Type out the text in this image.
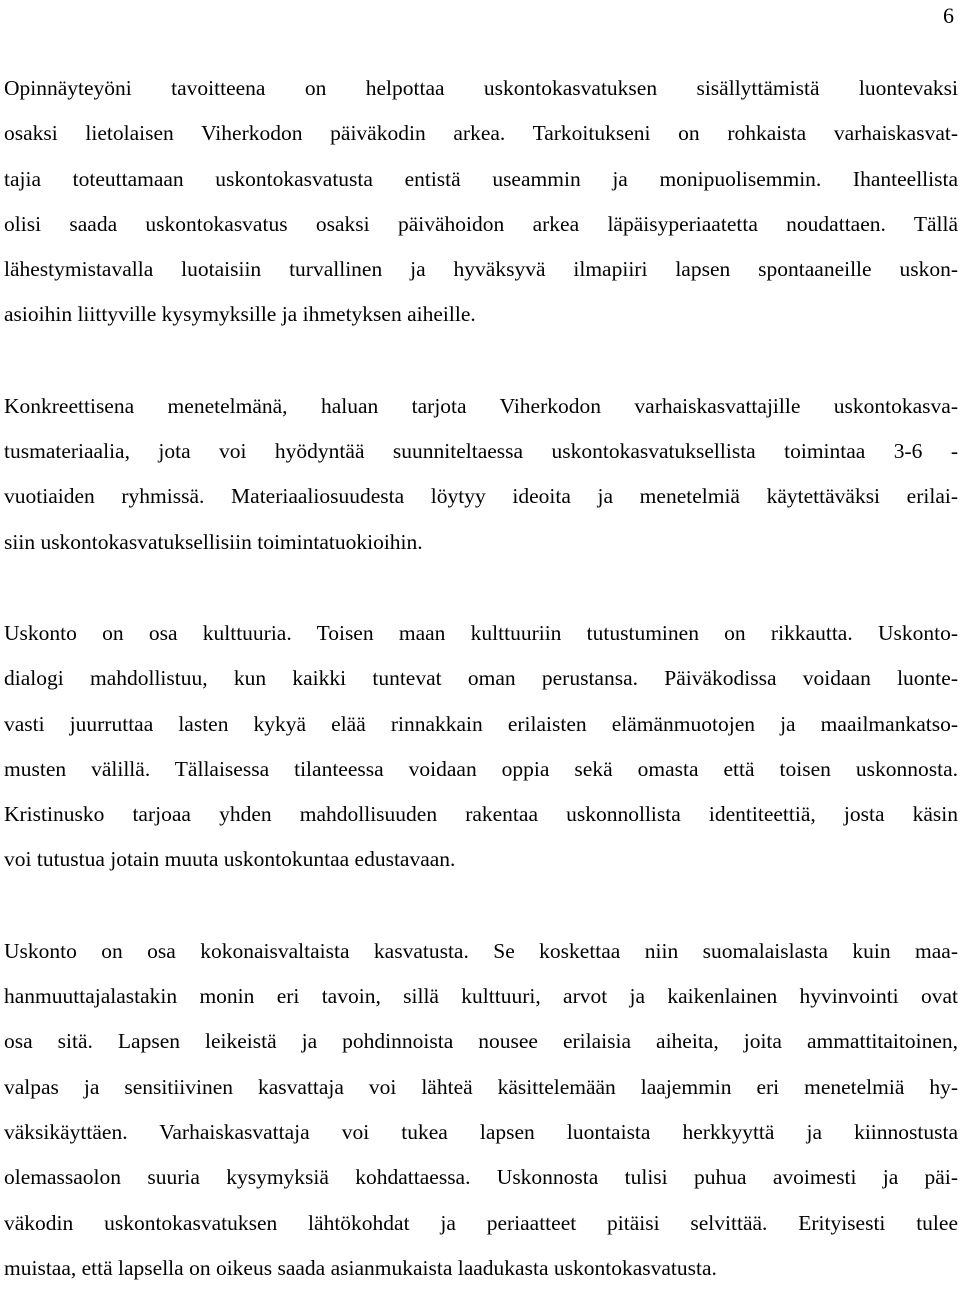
6

Opinnäyteyöni tavoitteena on helpottaa uskontokasvatuksen sisällyttämistä luontevaksi
osaksi lietolaisen Viherkodon päiväkodin arkea. Tarkoitukseni on rohkaista varhaiskasvat-
tajia toteuttamaan uskontokasvatusta entistä useammin ja monipuolisemmin. Ihanteellista
olisi saada uskontokasvatus osaksi päivähoidon arkea läpäisyperiaatetta noudattaen. Tällä
lähestymistavalla luotaisiin turvallinen ja hyväksyvä ilmapiiri lapsen spontaaneille uskon-
asioihin liittyville kysymyksille ja ihmetyksen aiheille.

Konkreettisena menetelmänä, haluan tarjota Viherkodon varhaiskasvattajille uskontokasva-
tusmateriaalia, jota voi hyödyntää suunniteltaessa uskontokasvatuksellista toimintaa 3-6 -
vuotiaiden ryhmissä. Materiaaliosuudesta löytyy ideoita ja menetelmiä käytettäväksi erilai-
siin uskontokasvatuksellisiin toimintatuokioihin.

Uskonto on osa kulttuuria. Toisen maan kulttuuriin tutustuminen on rikkautta. Uskonto-
dialogi mahdollistuu, kun kaikki tuntevat oman perustansa. Päiväkodissa voidaan luonte-
vasti juurruttaa lasten kykyä elää rinnakkain erilaisten elämänmuotojen ja maailmankatso-
musten välillä. Tällaisessa tilanteessa voidaan oppia sekä omasta että toisen uskonnosta.
Kristinusko tarjoaa yhden mahdollisuuden rakentaa uskonnollista identiteettiä, josta käsin
voi tutustua jotain muuta uskontokuntaa edustavaan.

Uskonto on osa kokonaisvaltaista kasvatusta. Se koskettaa niin suomalaislasta kuin maa-
hanmuuttajalastakin monin eri tavoin, sillä kulttuuri, arvot ja kaikenlainen hyvinvointi ovat
osa sitä. Lapsen leikeistä ja pohdinnoista nousee erilaisia aiheita, joita ammattitaitoinen,
valpas ja sensitiivinen kasvattaja voi lähteä käsittelemään laajemmin eri menetelmiä hy-
väksikäyttäen. Varhaiskasvattaja voi tukea lapsen luontaista herkkyyttä ja kiinnostusta
olemassaolon suuria kysymyksiä kohdattaessa. Uskonnosta tulisi puhua avoimesti ja päi-
väkodin uskontokasvatuksen lähtökohdat ja periaatteet pitäisi selvittää. Erityisesti tulee
muistaa, että lapsella on oikeus saada asianmukaista laadukasta uskontokasvatusta.
